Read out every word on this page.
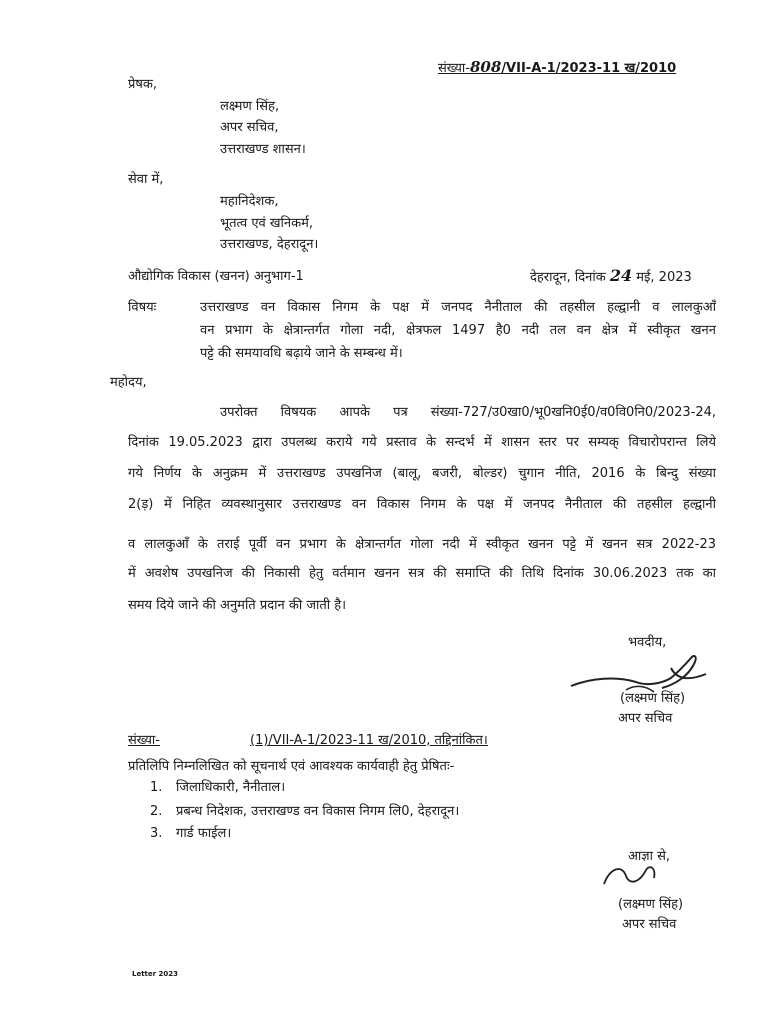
संख्या-808/VII-A-1/2023-11 ख/2010
प्रेषक,
लक्ष्मण सिंह,
अपर सचिव,
उत्तराखण्ड शासन।
सेवा में,
महानिदेशक,
भूतत्व एवं खनिकर्म,
उत्तराखण्ड, देहरादून।
औद्योगिक विकास (खनन) अनुभाग-1	देहरादून, दिनांक 24 मई, 2023
विषयः	उत्तराखण्ड वन विकास निगम के पक्ष में जनपद नैनीताल की तहसील हल्द्वानी व लालकुआँ
वन प्रभाग के क्षेत्रान्तर्गत गोला नदी, क्षेत्रफल 1497 है0 नदी तल वन क्षेत्र में स्वीकृत खनन
पट्टे की समयावधि बढ़ाये जाने के सम्बन्ध में।
महोदय,
उपरोक्त विषयक आपके पत्र संख्या-727/उ0खा0/भू0खनि0ई0/व0वि0नि0/2023-24,
दिनांक 19.05.2023 द्वारा उपलब्ध कराये गये प्रस्ताव के सन्दर्भ में शासन स्तर पर सम्यक् विचारोपरान्त लिये
गये निर्णय के अनुक्रम में उत्तराखण्ड उपखनिज (बालू, बजरी, बोल्डर) चुगान नीति, 2016 के बिन्दु संख्या
2(ड़) में निहित व्यवस्थानुसार उत्तराखण्ड वन विकास निगम के पक्ष में जनपद नैनीताल की तहसील हल्द्वानी
व लालकुआँ के तराई पूर्वी वन प्रभाग के क्षेत्रान्तर्गत गोला नदी में स्वीकृत खनन पट्टे में खनन सत्र 2022-23
में अवशेष उपखनिज की निकासी हेतु वर्तमान खनन सत्र की समाप्ति की तिथि दिनांक 30.06.2023 तक का
समय दिये जाने की अनुमति प्रदान की जाती है।
भवदीय,
(लक्ष्मण सिंह)
अपर सचिव
संख्या-	(1)/VII-A-1/2023-11 ख/2010, तद्दिनांकित।
प्रतिलिपि निम्नलिखित को सूचनार्थ एवं आवश्यक कार्यवाही हेतु प्रेषितः-
1. जिलाधिकारी, नैनीताल।
2. प्रबन्ध निदेशक, उत्तराखण्ड वन विकास निगम लि0, देहरादून।
3. गार्ड फाईल।
आज्ञा से,
(लक्ष्मण सिंह)
अपर सचिव
Letter 2023
